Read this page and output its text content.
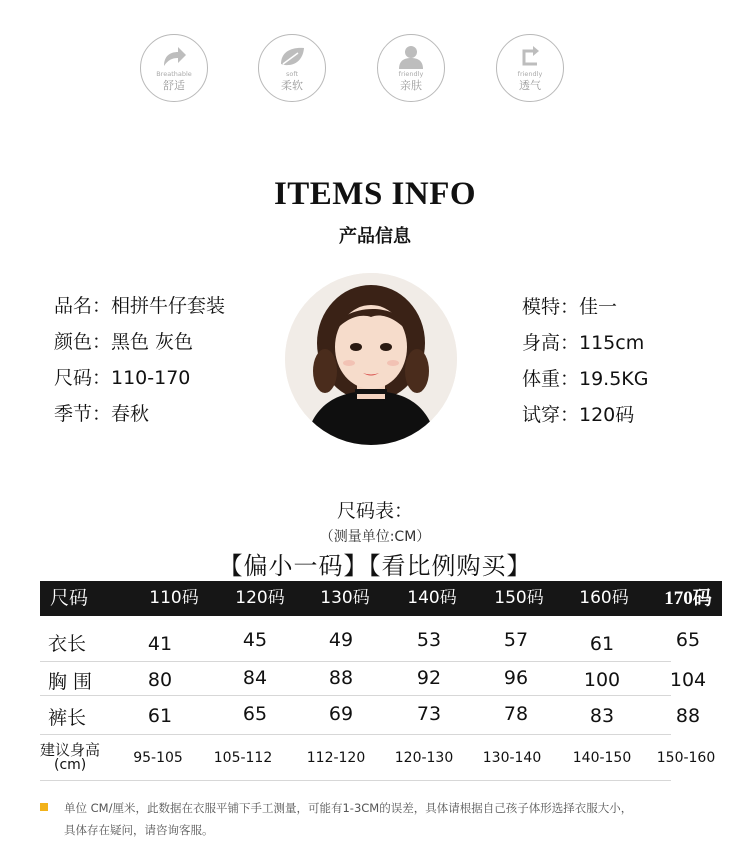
Breathable
舒适
soft
柔软
friendly
亲肤
friendly
透气
ITEMS INFO
产品信息
品名：相拼牛仔套装
颜色：黑色 灰色
尺码：110-170
季节：春秋
模特：佳一
身高：115cm
体重：19.5KG
试穿：120码
尺码表：
（测量单位:CM）
【偏小一码】【看比例购买】
尺码	110码	120码	130码	140码	150码	160码	170码
衣长	41	45	49	53	57	61	65
胸 围	80	84	88	92	96	100	104
裤长	61	65	69	73	78	83	88
建议身高
(cm)	95-105	105-112	112-120	120-130	130-140	140-150	150-160
单位 CM/厘米，此数据在衣服平铺下手工测量，可能有1-3CM的误差，具体请根据自己孩子体形选择衣服大小，
具体存在疑问，请咨询客服。
